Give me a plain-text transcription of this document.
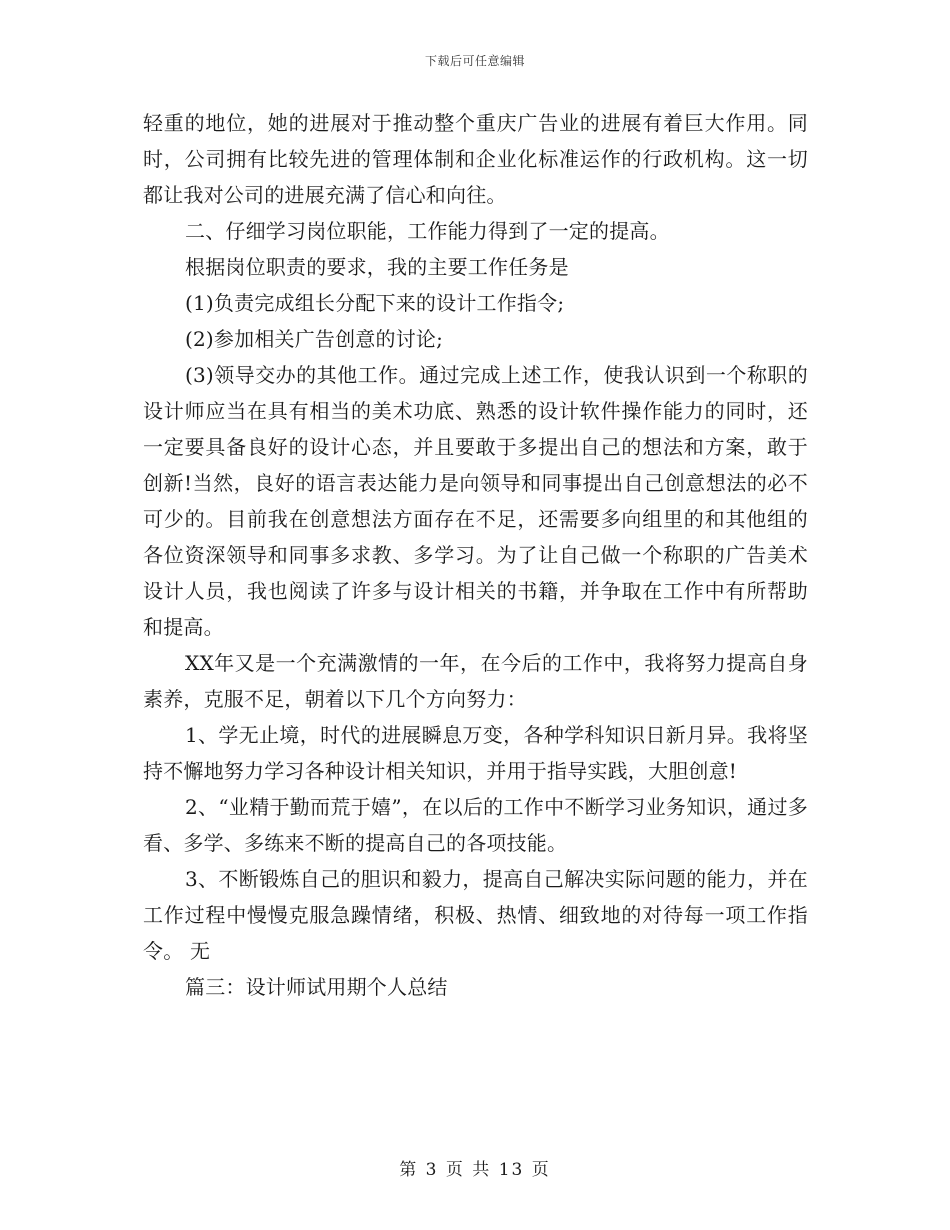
下载后可任意编辑

轻重的地位，她的进展对于推动整个重庆广告业的进展有着巨大作用。同时，公司拥有比较先进的管理体制和企业化标准运作的行政机构。这一切都让我对公司的进展充满了信心和向往。

二、仔细学习岗位职能，工作能力得到了一定的提高。

根据岗位职责的要求，我的主要工作任务是

(1)负责完成组长分配下来的设计工作指令;

(2)参加相关广告创意的讨论;

(3)领导交办的其他工作。通过完成上述工作，使我认识到一个称职的设计师应当在具有相当的美术功底、熟悉的设计软件操作能力的同时，还一定要具备良好的设计心态，并且要敢于多提出自己的想法和方案，敢于创新!当然，良好的语言表达能力是向领导和同事提出自己创意想法的必不可少的。目前我在创意想法方面存在不足，还需要多向组里的和其他组的各位资深领导和同事多求教、多学习。为了让自己做一个称职的广告美术设计人员，我也阅读了许多与设计相关的书籍，并争取在工作中有所帮助和提高。

XX年又是一个充满激情的一年，在今后的工作中，我将努力提高自身素养，克服不足，朝着以下几个方向努力：

1、学无止境，时代的进展瞬息万变，各种学科知识日新月异。我将坚持不懈地努力学习各种设计相关知识，并用于指导实践，大胆创意!

2、“业精于勤而荒于嬉”，在以后的工作中不断学习业务知识，通过多看、多学、多练来不断的提高自己的各项技能。

3、不断锻炼自己的胆识和毅力，提高自己解决实际问题的能力，并在工作过程中慢慢克服急躁情绪，积极、热情、细致地的对待每一项工作指令。 无

篇三：设计师试用期个人总结

第 3 页 共 13 页
